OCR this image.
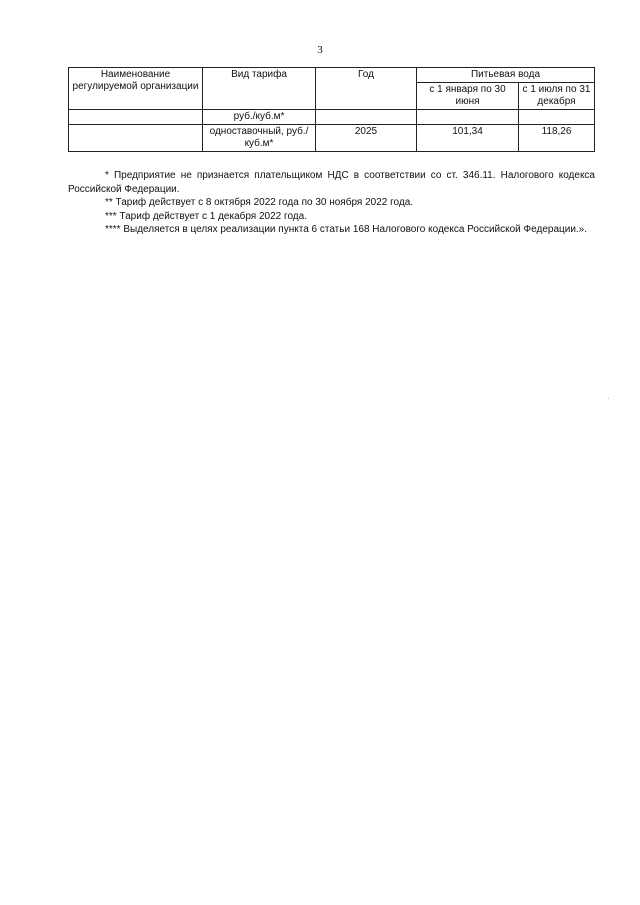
3
Наименование регулируемой организации	Вид тарифа	Год	Питьевая вода	
			с 1 января по 30 июня	с 1 июля по 31 декабря
	руб./куб.м*			
	одноставочный, руб./куб.м*	2025	101,34	118,26

* Предприятие не признается плательщиком НДС в соответствии со ст. 346.11. Налогового кодекса Российской Федерации.

** Тариф действует с 8 октября 2022 года по 30 ноября 2022 года.

*** Тариф действует с 1 декабря 2022 года.

**** Выделяется в целях реализации пункта 6 статьи 168 Налогового кодекса Российской Федерации.».
